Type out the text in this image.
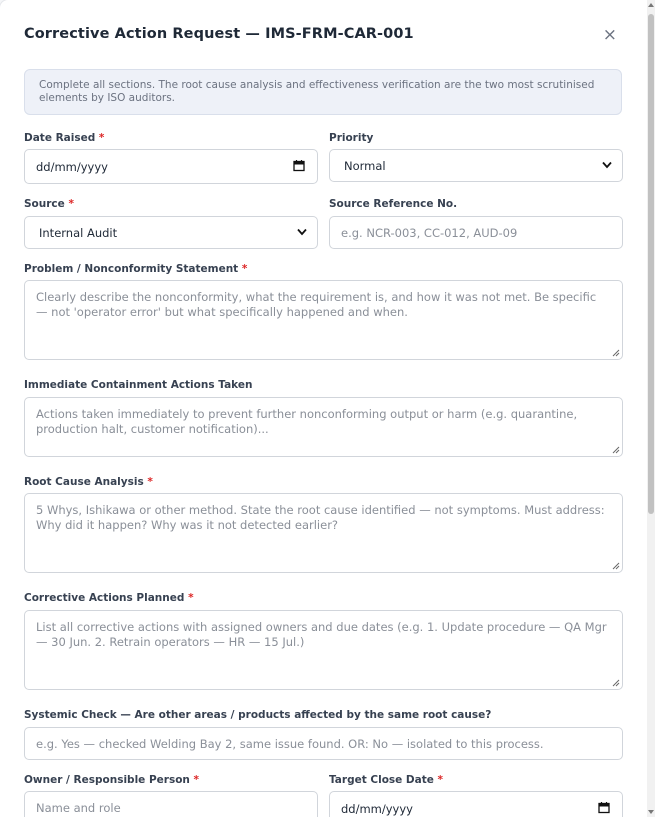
Corrective Action Request — IMS-FRM-CAR-001	×
Complete all sections. The root cause analysis and effectiveness verification are the two most scrutinised elements by ISO auditors.
Date Raised *
dd/mm/yyyy
Priority
Normal
Source *
Internal Audit
Source Reference No.
e.g. NCR-003, CC-012, AUD-09
Problem / Nonconformity Statement *
Clearly describe the nonconformity, what the requirement is, and how it was not met. Be specific — not 'operator error' but what specifically happened and when.
Immediate Containment Actions Taken
Actions taken immediately to prevent further nonconforming output or harm (e.g. quarantine, production halt, customer notification)...
Root Cause Analysis *
5 Whys, Ishikawa or other method. State the root cause identified — not symptoms. Must address: Why did it happen? Why was it not detected earlier?
Corrective Actions Planned *
List all corrective actions with assigned owners and due dates (e.g. 1. Update procedure — QA Mgr — 30 Jun. 2. Retrain operators — HR — 15 Jul.)
Systemic Check — Are other areas / products affected by the same root cause?
e.g. Yes — checked Welding Bay 2, same issue found. OR: No — isolated to this process.
Owner / Responsible Person *
Name and role
Target Close Date *
dd/mm/yyyy
